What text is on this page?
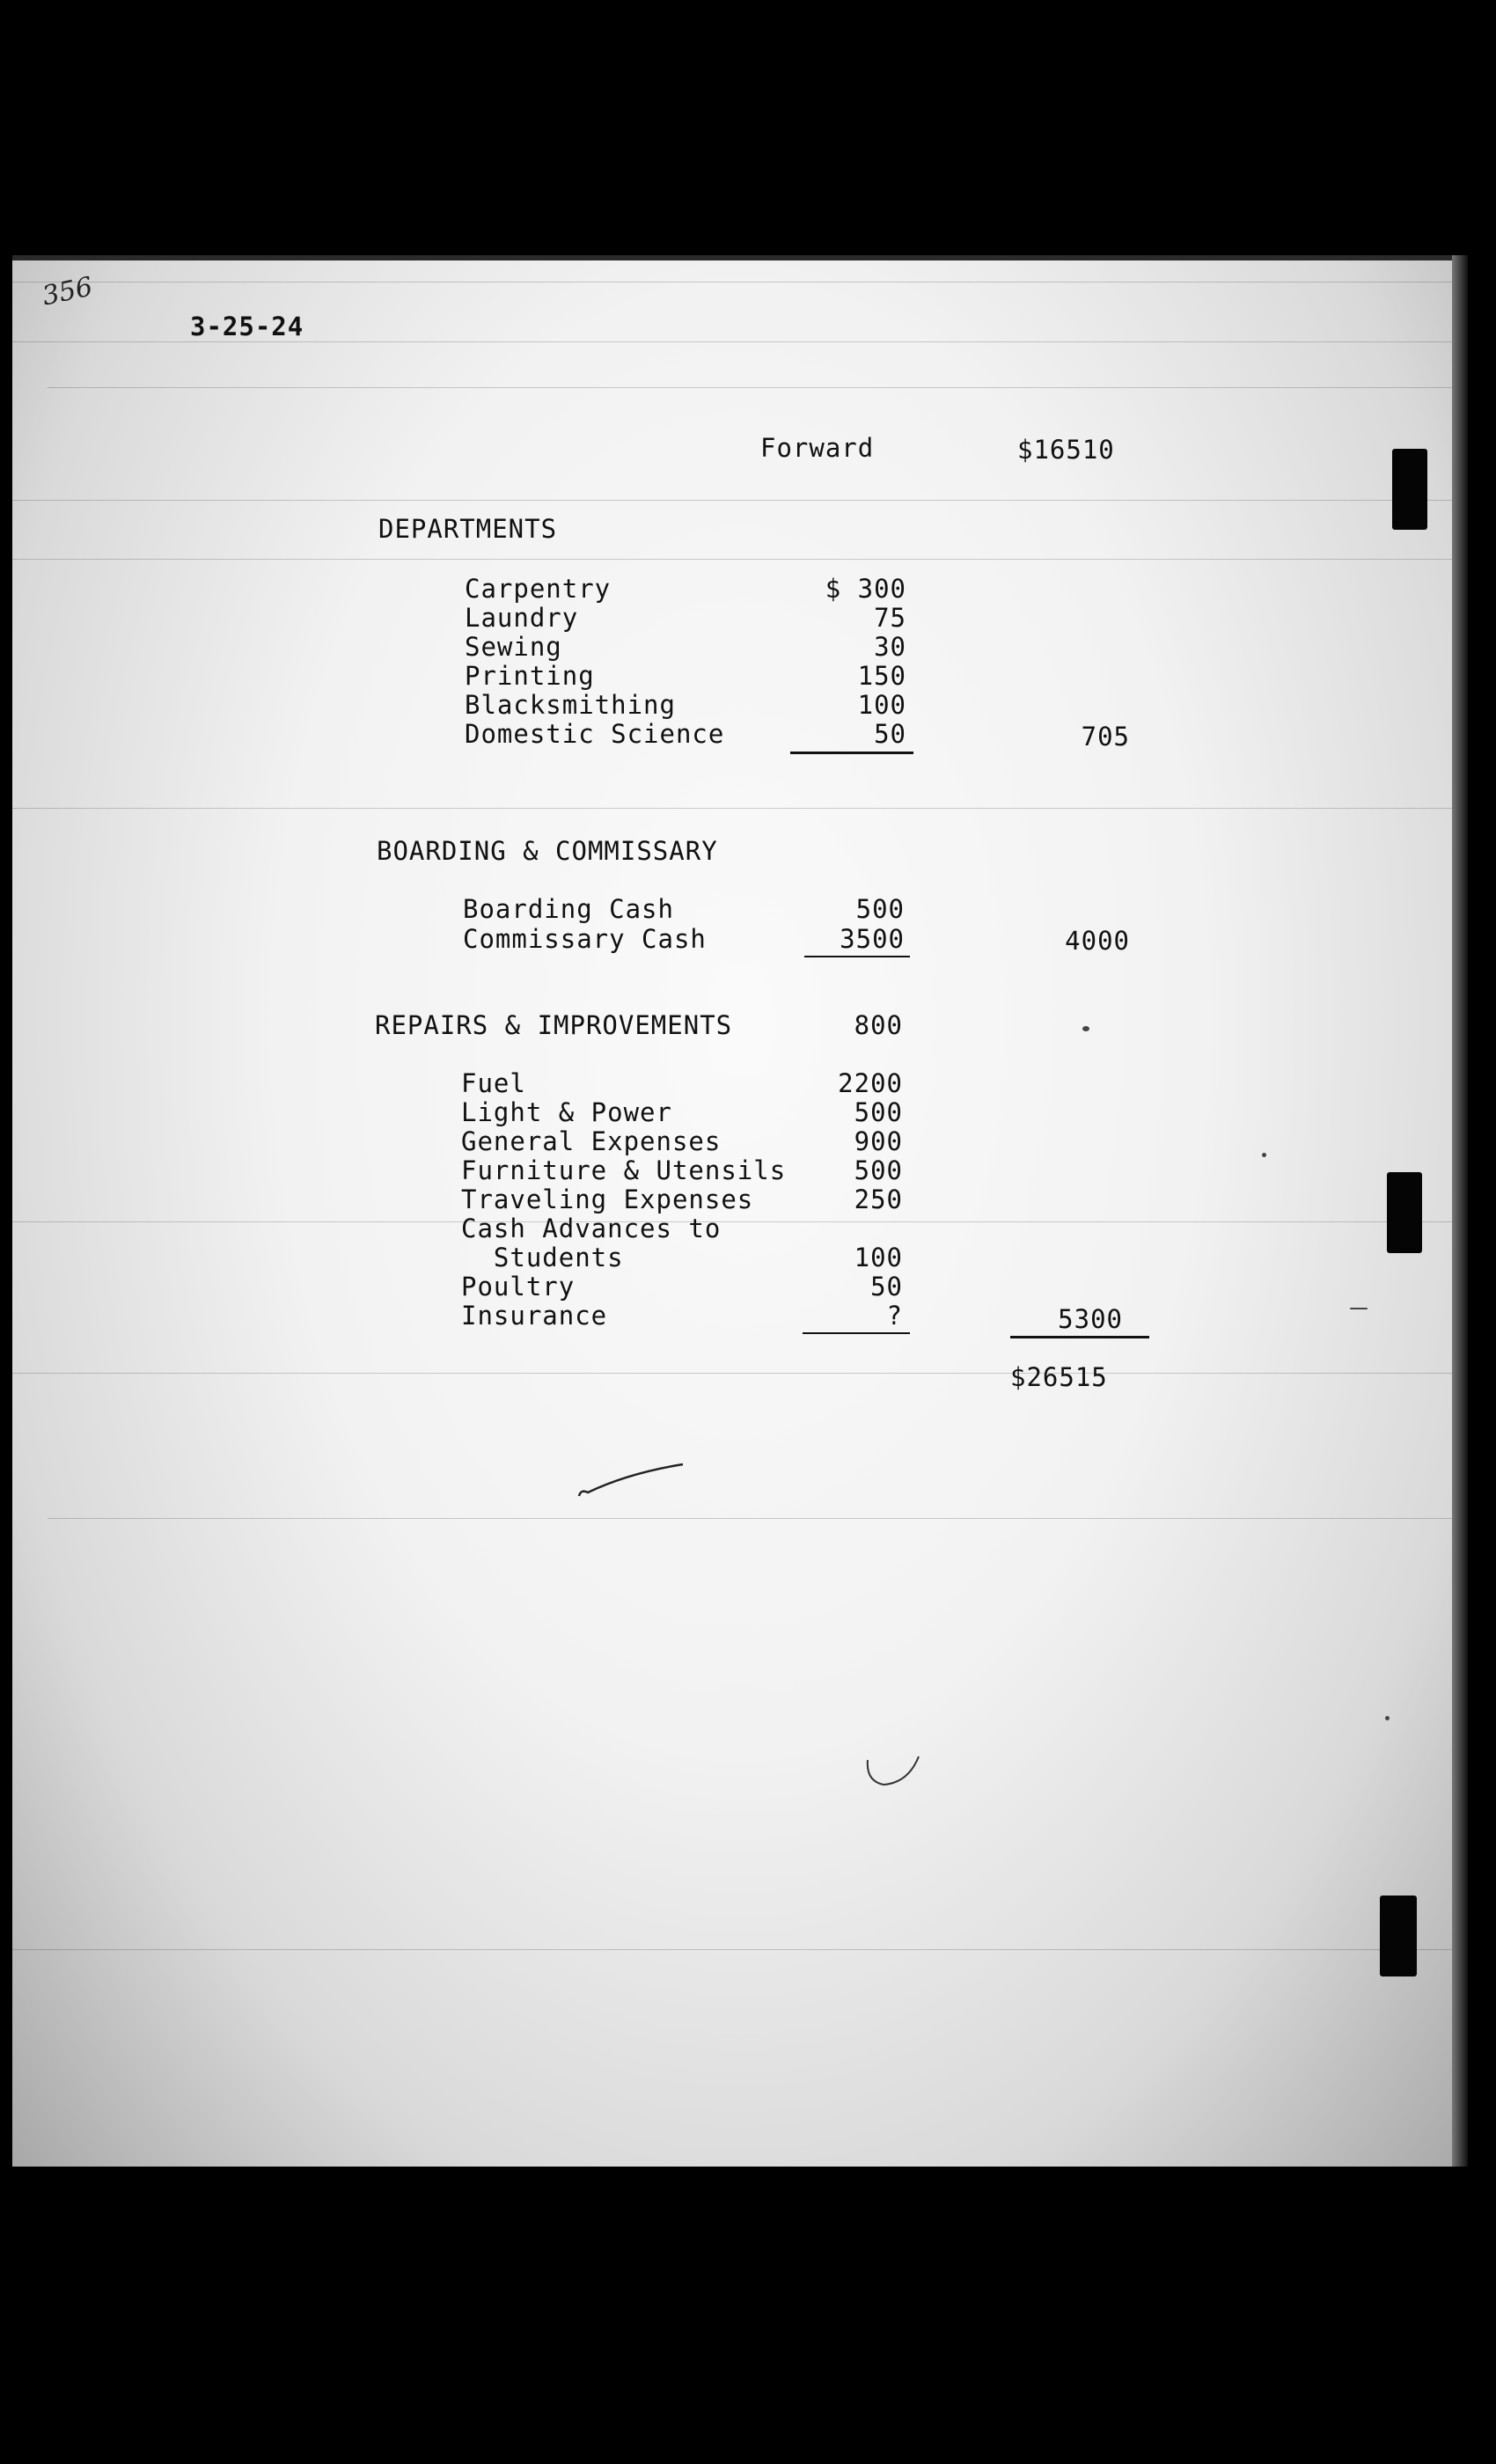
356
3-25-24
Forward	$16510
DEPARTMENTS
Carpentry	$ 300
Laundry	75
Sewing	30
Printing	150
Blacksmithing	100
Domestic Science	50	705
BOARDING & COMMISSARY
Boarding Cash	500
Commissary Cash	3500	4000
REPAIRS & IMPROVEMENTS	800
Fuel	2200
Light & Power	500
General Expenses	900
Furniture & Utensils	500
Traveling Expenses	250
Cash Advances to
Students	100
Poultry	50
Insurance	?	5300
$26515
